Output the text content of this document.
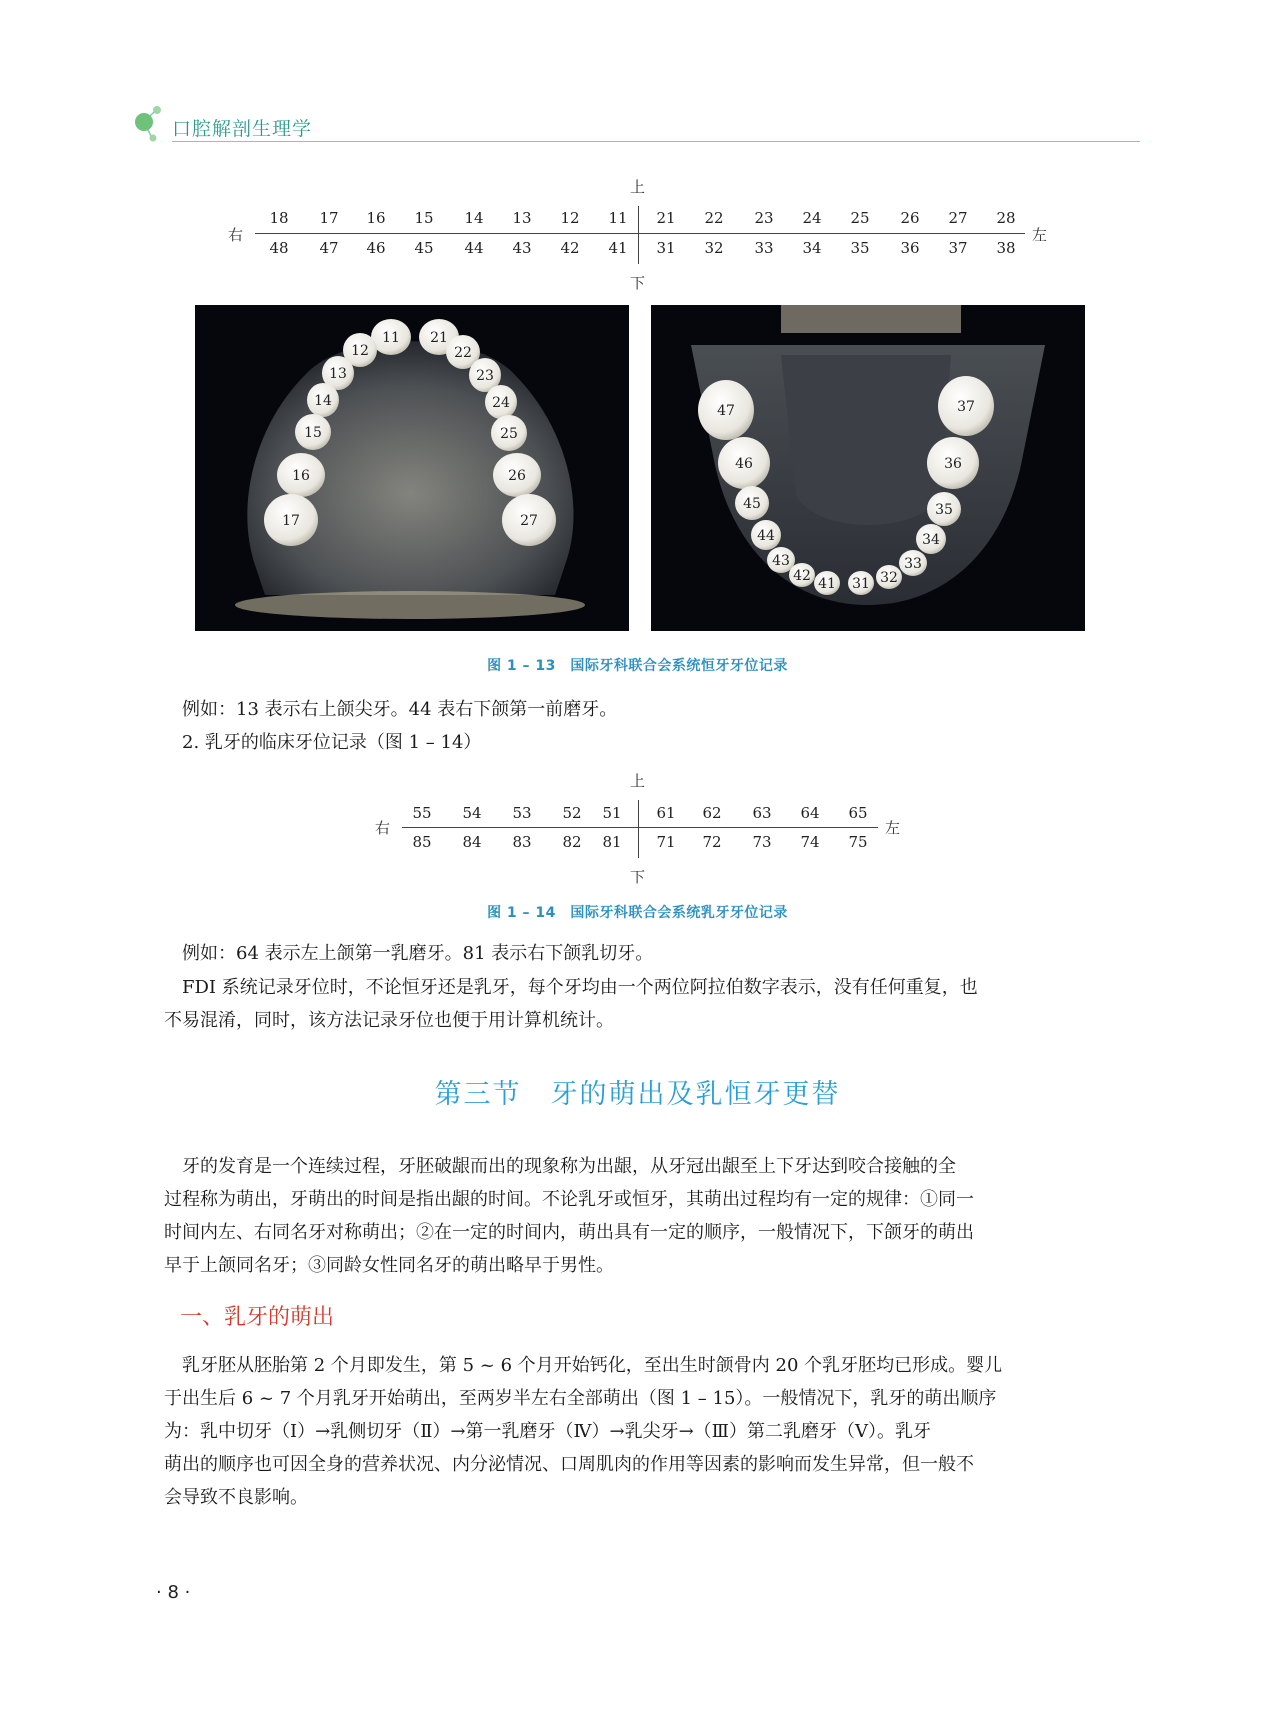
口腔解剖生理学
上
下
右	左
18	17	16	15	14	13	12	11	21	22	23	24	25	26	27	28
48	47	46	45	44	43	42	41	31	32	33	34	35	36	37	38
11
12
13
14
15
16
17
21
22
23
24
25
26
27
47
46
45
44
43
42 41 31 32
33
34
35
36
37
图 1 – 13　国际牙科联合会系统恒牙牙位记录
例如：13 表示右上颌尖牙。44 表右下颌第一前磨牙。
2. 乳牙的临床牙位记录（图 1 – 14）
上
下
右	左
55	54	53	52	51	61	62	63	64	65
85	84	83	82	81	71	72	73	74	75
图 1 – 14　国际牙科联合会系统乳牙牙位记录
例如：64 表示左上颌第一乳磨牙。81 表示右下颌乳切牙。
FDI 系统记录牙位时，不论恒牙还是乳牙，每个牙均由一个两位阿拉伯数字表示，没有任何重复，也
不易混淆，同时，该方法记录牙位也便于用计算机统计。
第三节　牙的萌出及乳恒牙更替
牙的发育是一个连续过程，牙胚破龈而出的现象称为出龈，从牙冠出龈至上下牙达到咬合接触的全
过程称为萌出，牙萌出的时间是指出龈的时间。不论乳牙或恒牙，其萌出过程均有一定的规律：①同一
时间内左、右同名牙对称萌出；②在一定的时间内，萌出具有一定的顺序，一般情况下，下颌牙的萌出
早于上颌同名牙；③同龄女性同名牙的萌出略早于男性。
一、乳牙的萌出
乳牙胚从胚胎第 2 个月即发生，第 5 ~ 6 个月开始钙化，至出生时颌骨内 20 个乳牙胚均已形成。婴儿
于出生后 6 ~ 7 个月乳牙开始萌出，至两岁半左右全部萌出（图 1 – 15）。一般情况下，乳牙的萌出顺序
为：乳中切牙（Ⅰ）→乳侧切牙（Ⅱ）→第一乳磨牙（Ⅳ）→乳尖牙→（Ⅲ）第二乳磨牙（Ⅴ）。乳牙
萌出的顺序也可因全身的营养状况、内分泌情况、口周肌肉的作用等因素的影响而发生异常，但一般不
会导致不良影响。
· 8 ·
